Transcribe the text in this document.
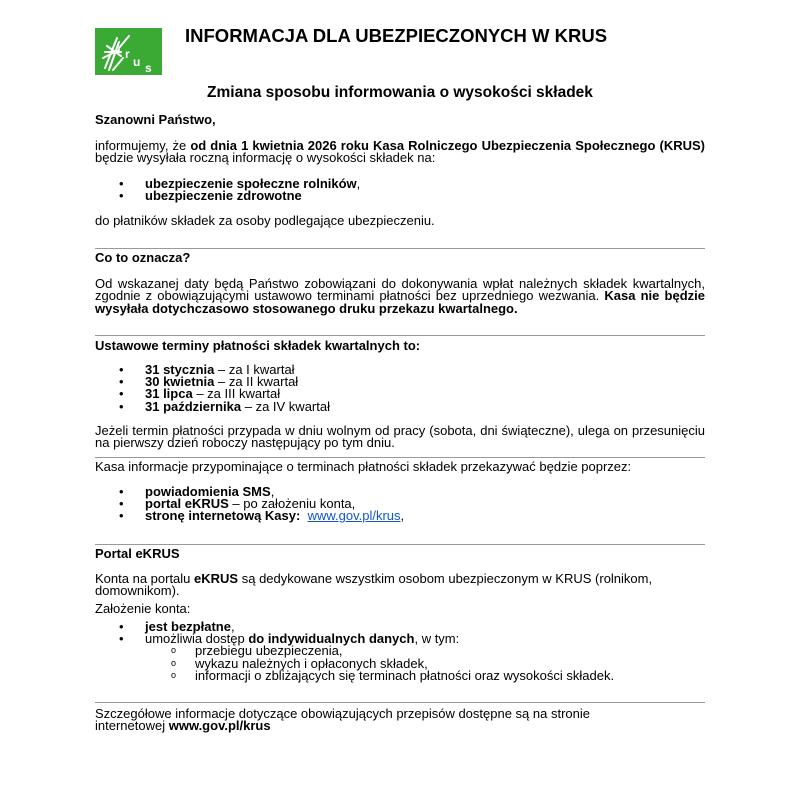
r
u s
INFORMACJA DLA UBEZPIECZONYCH W KRUS
Zmiana sposobu informowania o wysokości składek
Szanowni Państwo,
informujemy, że od dnia 1 kwietnia 2026 roku Kasa Rolniczego Ubezpieczenia Społecznego (KRUS) będzie wysyłała roczną informację o wysokości składek na:
• ubezpieczenie społeczne rolników,
• ubezpieczenie zdrowotne
do płatników składek za osoby podlegające ubezpieczeniu.
Co to oznacza?
Od wskazanej daty będą Państwo zobowiązani do dokonywania wpłat należnych składek kwartalnych, zgodnie z obowiązującymi ustawowo terminami płatności bez uprzedniego wezwania. Kasa nie będzie wysyłała dotychczasowo stosowanego druku przekazu kwartalnego.
Ustawowe terminy płatności składek kwartalnych to:
• 31 stycznia – za I kwartał
• 30 kwietnia – za II kwartał
• 31 lipca – za III kwartał
• 31 października – za IV kwartał
Jeżeli termin płatności przypada w dniu wolnym od pracy (sobota, dni świąteczne), ulega on przesunięciu na pierwszy dzień roboczy następujący po tym dniu.
Kasa informacje przypominające o terminach płatności składek przekazywać będzie poprzez:
• powiadomienia SMS,
• portal eKRUS – po założeniu konta,
• stronę internetową Kasy: www.gov.pl/krus,
Portal eKRUS
Konta na portalu eKRUS są dedykowane wszystkim osobom ubezpieczonym w KRUS (rolnikom, domownikom).
Założenie konta:
• jest bezpłatne,
• umożliwia dostęp do indywidualnych danych, w tym:
o przebiegu ubezpieczenia,
o wykazu należnych i opłaconych składek,
o informacji o zbliżających się terminach płatności oraz wysokości składek.
Szczegółowe informacje dotyczące obowiązujących przepisów dostępne są na stronie internetowej www.gov.pl/krus
